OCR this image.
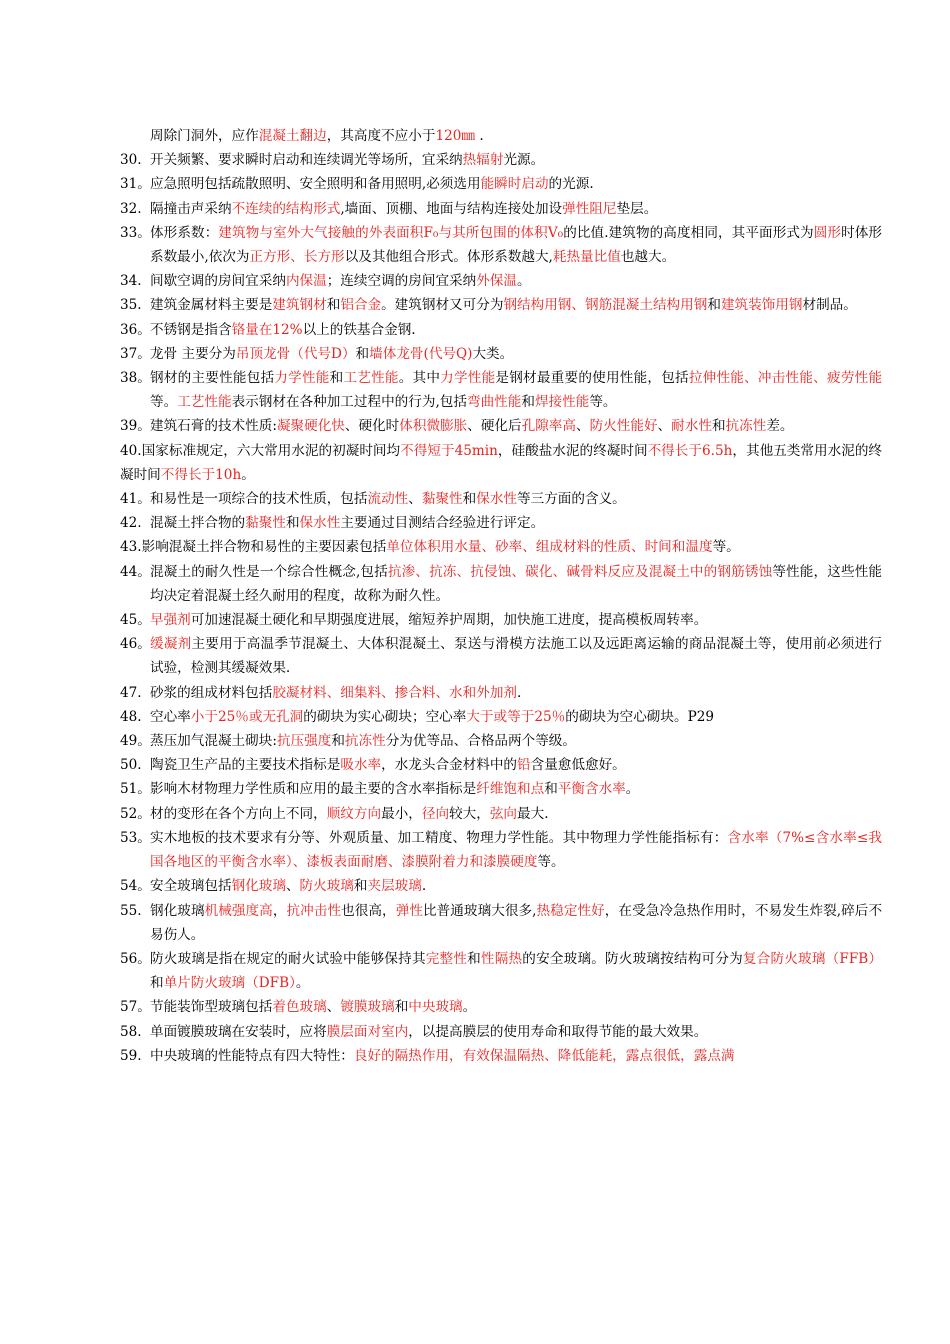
周除门洞外，应作混凝土翻边，其高度不应小于120㎜ .
30. 开关频繁、要求瞬时启动和连续调光等场所，宜采纳热辐射光源。
31。 应急照明包括疏散照明、安全照明和备用照明,必须选用能瞬时启动的光源.
32. 隔撞击声采纳不连续的结构形式,墙面、顶棚、地面与结构连接处加设弹性阻尼垫层。
33。 体形系数：建筑物与室外大气接触的外表面积F₀与其所包围的体积V₀的比值.建筑物的高度相同，其平面形式为圆形时体形系数最小,依次为正方形、长方形以及其他组合形式。体形系数越大,耗热量比值也越大。
34. 间歇空调的房间宜采纳内保温；连续空调的房间宜采纳外保温。
35. 建筑金属材料主要是建筑钢材和铝合金。建筑钢材又可分为钢结构用钢、钢筋混凝土结构用钢和建筑装饰用钢材制品。
36。 不锈钢是指含铬量在12%以上的铁基合金钢.
37。 龙骨 主要分为吊顶龙骨（代号D）和墙体龙骨(代号Q)大类。
38。 钢材的主要性能包括力学性能和工艺性能。其中力学性能是钢材最重要的使用性能，包括拉伸性能、冲击性能、疲劳性能等。工艺性能表示钢材在各种加工过程中的行为,包括弯曲性能和焊接性能等。
39。 建筑石膏的技术性质:凝聚硬化快、硬化时体积微膨胀、硬化后孔隙率高、防火性能好、耐水性和抗冻性差。
40.国家标准规定，六大常用水泥的初凝时间均不得短于45min，硅酸盐水泥的终凝时间不得长于6.5h，其他五类常用水泥的终凝时间不得长于10h。
41。 和易性是一项综合的技术性质，包括流动性、黏聚性和保水性等三方面的含义。
42. 混凝土拌合物的黏聚性和保水性主要通过目测结合经验进行评定。
43.影响混凝土拌合物和易性的主要因素包括单位体积用水量、砂率、组成材料的性质、时间和温度等。
44。 混凝土的耐久性是一个综合性概念,包括抗渗、抗冻、抗侵蚀、碳化、碱骨料反应及混凝土中的钢筋锈蚀等性能，这些性能均决定着混凝土经久耐用的程度，故称为耐久性。
45。 早强剂可加速混凝土硬化和早期强度进展，缩短养护周期，加快施工进度，提高模板周转率。
46。 缓凝剂主要用于高温季节混凝土、大体积混凝土、泵送与滑模方法施工以及远距离运输的商品混凝土等，使用前必须进行试验，检测其缓凝效果.
47. 砂浆的组成材料包括胶凝材料、细集料、掺合料、水和外加剂.
48. 空心率小于25％或无孔洞的砌块为实心砌块；空心率大于或等于25％的砌块为空心砌块。P29
49。 蒸压加气混凝土砌块:抗压强度和抗冻性分为优等品、合格品两个等级。
50. 陶瓷卫生产品的主要技术指标是吸水率，水龙头合金材料中的铅含量愈低愈好。
51。 影响木材物理力学性质和应用的最主要的含水率指标是纤维饱和点和平衡含水率。
52。 材的变形在各个方向上不同，顺纹方向最小，径向较大，弦向最大.
53。 实木地板的技术要求有分等、外观质量、加工精度、物理力学性能。其中物理力学性能指标有：含水率（7%≤含水率≤我国各地区的平衡含水率）、漆板表面耐磨、漆膜附着力和漆膜硬度等。
54。 安全玻璃包括钢化玻璃、防火玻璃和夹层玻璃.
55. 钢化玻璃机械强度高，抗冲击性也很高，弹性比普通玻璃大很多,热稳定性好，在受急冷急热作用时，不易发生炸裂,碎后不易伤人。
56。 防火玻璃是指在规定的耐火试验中能够保持其完整性和性隔热的安全玻璃。防火玻璃按结构可分为复合防火玻璃（FFB）和单片防火玻璃（DFB）。
57。 节能装饰型玻璃包括着色玻璃、镀膜玻璃和中央玻璃。
58. 单面镀膜玻璃在安装时，应将膜层面对室内，以提高膜层的使用寿命和取得节能的最大效果。
59. 中央玻璃的性能特点有四大特性：良好的隔热作用，有效保温隔热、降低能耗，露点很低，露点满
